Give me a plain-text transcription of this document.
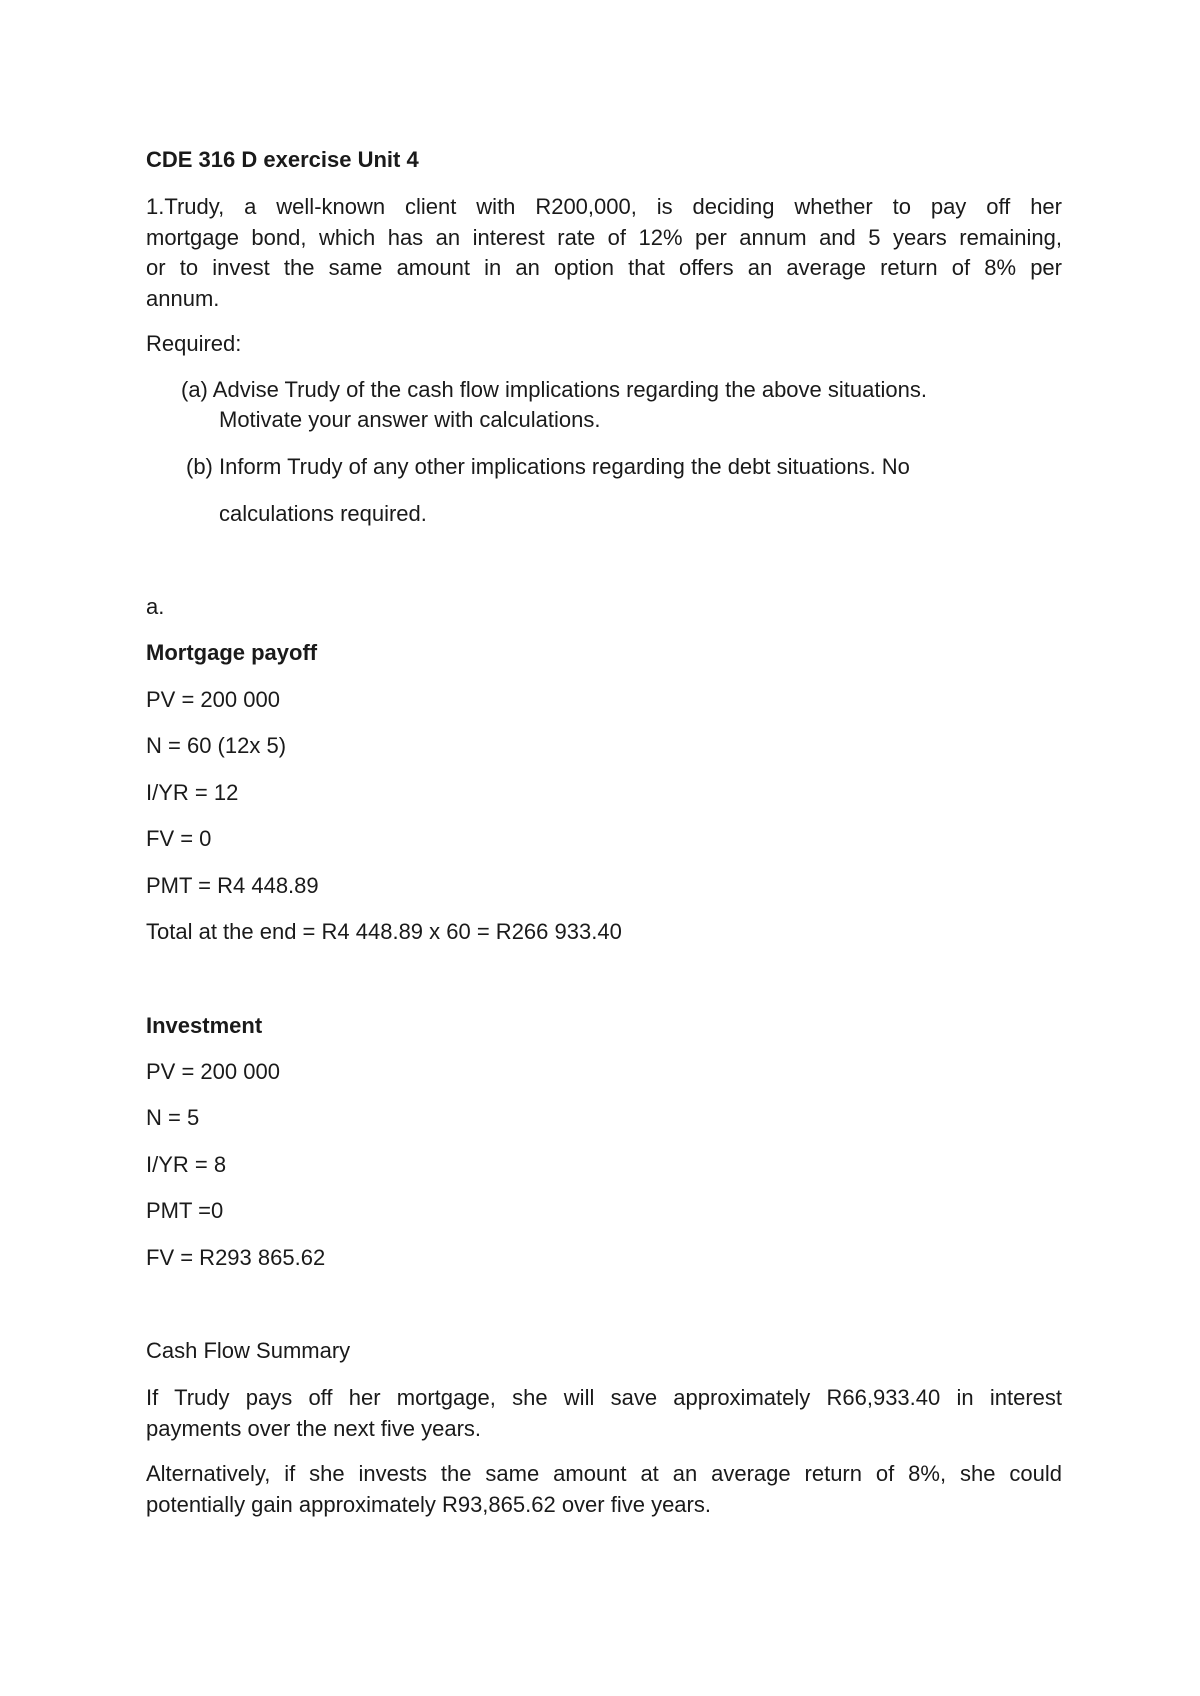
CDE 316 D exercise Unit 4
1.Trudy, a well-known client with R200,000, is deciding whether to pay off her
mortgage bond, which has an interest rate of 12% per annum and 5 years remaining,
or to invest the same amount in an option that offers an average return of 8% per
annum.
Required:
(a) Advise Trudy of the cash flow implications regarding the above situations.
Motivate your answer with calculations.
(b) Inform Trudy of any other implications regarding the debt situations. No
calculations required.
a.
Mortgage payoff
PV = 200 000
N = 60 (12x 5)
I/YR = 12
FV = 0
PMT = R4 448.89
Total at the end = R4 448.89 x 60 = R266 933.40
Investment
PV = 200 000
N = 5
I/YR = 8
PMT =0
FV = R293 865.62
Cash Flow Summary
If Trudy pays off her mortgage, she will save approximately R66,933.40 in interest
payments over the next five years.
Alternatively, if she invests the same amount at an average return of 8%, she could
potentially gain approximately R93,865.62 over five years.
